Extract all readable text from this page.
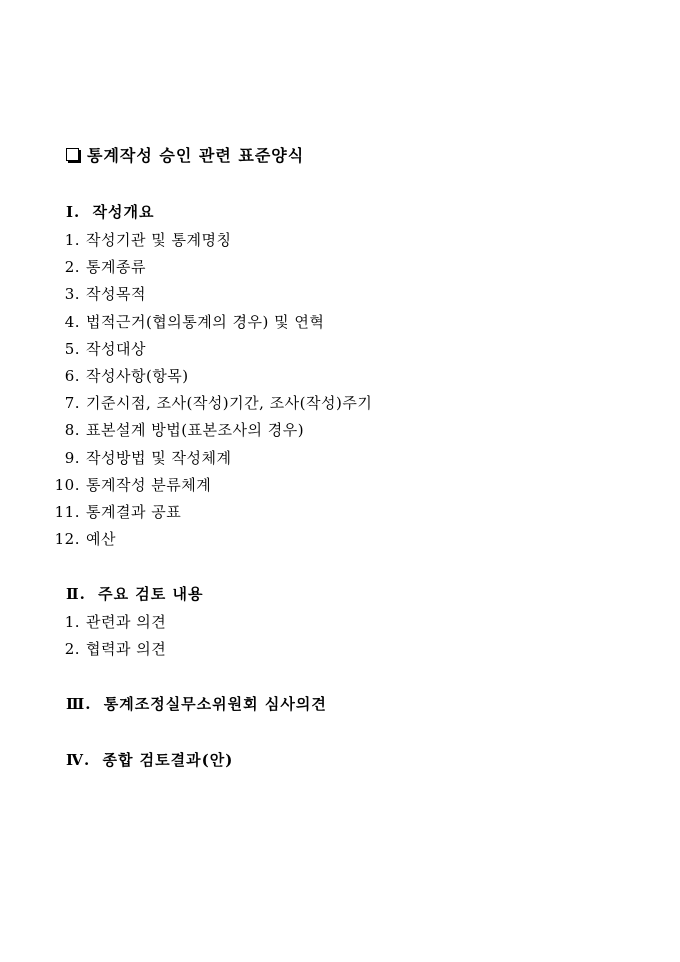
통계작성 승인 관련 표준양식
Ⅰ. 작성개요
1. 작성기관 및 통계명칭
2. 통계종류
3. 작성목적
4. 법적근거(협의통계의 경우) 및 연혁
5. 작성대상
6. 작성사항(항목)
7. 기준시점, 조사(작성)기간, 조사(작성)주기
8. 표본설계 방법(표본조사의 경우)
9. 작성방법 및 작성체계
10. 통계작성 분류체계
11. 통계결과 공표
12. 예산
Ⅱ. 주요 검토 내용
1. 관련과 의견
2. 협력과 의견
Ⅲ. 통계조정실무소위원회 심사의견
Ⅳ. 종합 검토결과(안)
